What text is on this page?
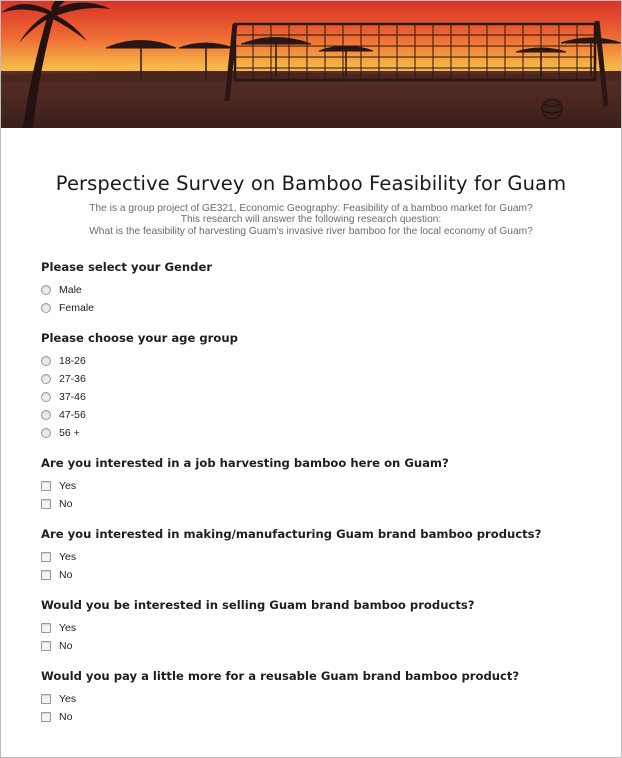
Perspective Survey on Bamboo Feasibility for Guam
The is a group project of GE321, Economic Geography: Feasibility of a bamboo market for Guam?
This research will answer the following research question:
What is the feasibility of harvesting Guam's invasive river bamboo for the local economy of Guam?
Please select your Gender
Male
Female
Please choose your age group
18-26
27-36
37-46
47-56
56 +
Are you interested in a job harvesting bamboo here on Guam?
Yes
No
Are you interested in making/manufacturing Guam brand bamboo products?
Yes
No
Would you be interested in selling Guam brand bamboo products?
Yes
No
Would you pay a little more for a reusable Guam brand bamboo product?
Yes
No
